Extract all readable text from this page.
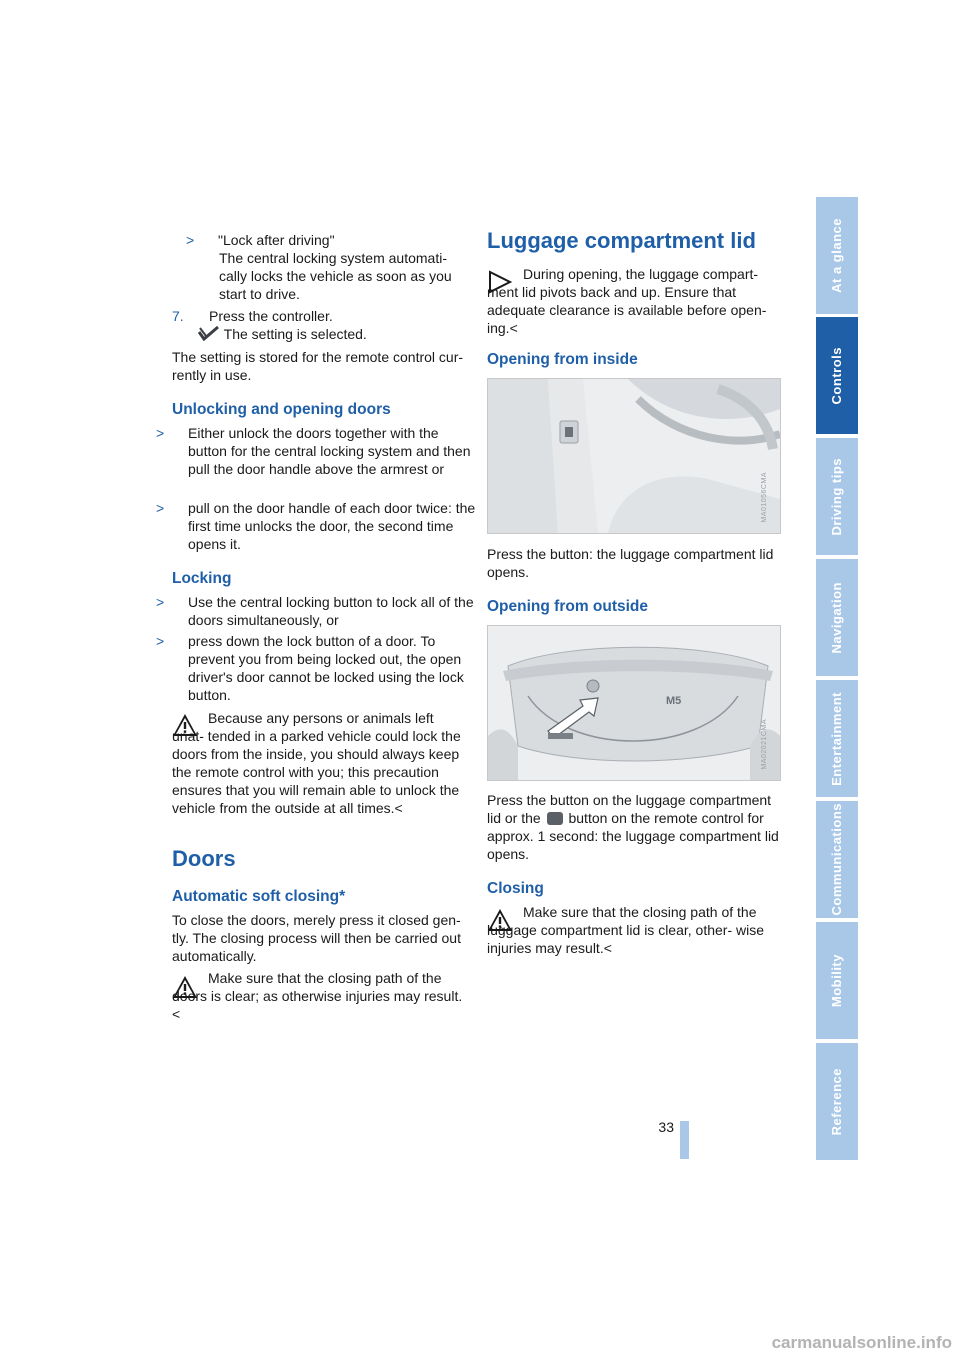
> "Lock after driving"
The central locking system automati- cally locks the vehicle as soon as you start to drive.
7. Press the controller.
The setting is selected.
The setting is stored for the remote control cur- rently in use.
Unlocking and opening doors
> Either unlock the doors together with the button for the central locking system and then pull the door handle above the armrest or
> pull on the door handle of each door twice: the first time unlocks the door, the second time opens it.
Locking
> Use the central locking button to lock all of the doors simultaneously, or
> press down the lock button of a door. To prevent you from being locked out, the open driver's door cannot be locked using the lock button.
Because any persons or animals left unat- tended in a parked vehicle could lock the doors from the inside, you should always keep the remote control with you; this precaution ensures that you will remain able to unlock the vehicle from the outside at all times.<
Doors
Automatic soft closing*
To close the doors, merely press it closed gen- tly. The closing process will then be carried out automatically.
Make sure that the closing path of the doors is clear; as otherwise injuries may result.<
Luggage compartment lid
During opening, the luggage compart- ment lid pivots back and up. Ensure that adequate clearance is available before open- ing.<
Opening from inside
MA01056CMA
Press the button: the luggage compartment lid opens.
Opening from outside
M5
MA02021CMA
Press the button on the luggage compartment lid or the button on the remote control for approx. 1 second: the luggage compartment lid opens.
Closing
Make sure that the closing path of the luggage compartment lid is clear, other- wise injuries may result.<
At a glance
Controls
Driving tips
Navigation
Entertainment
Communications
Mobility
Reference
33
carmanualsonline.info
